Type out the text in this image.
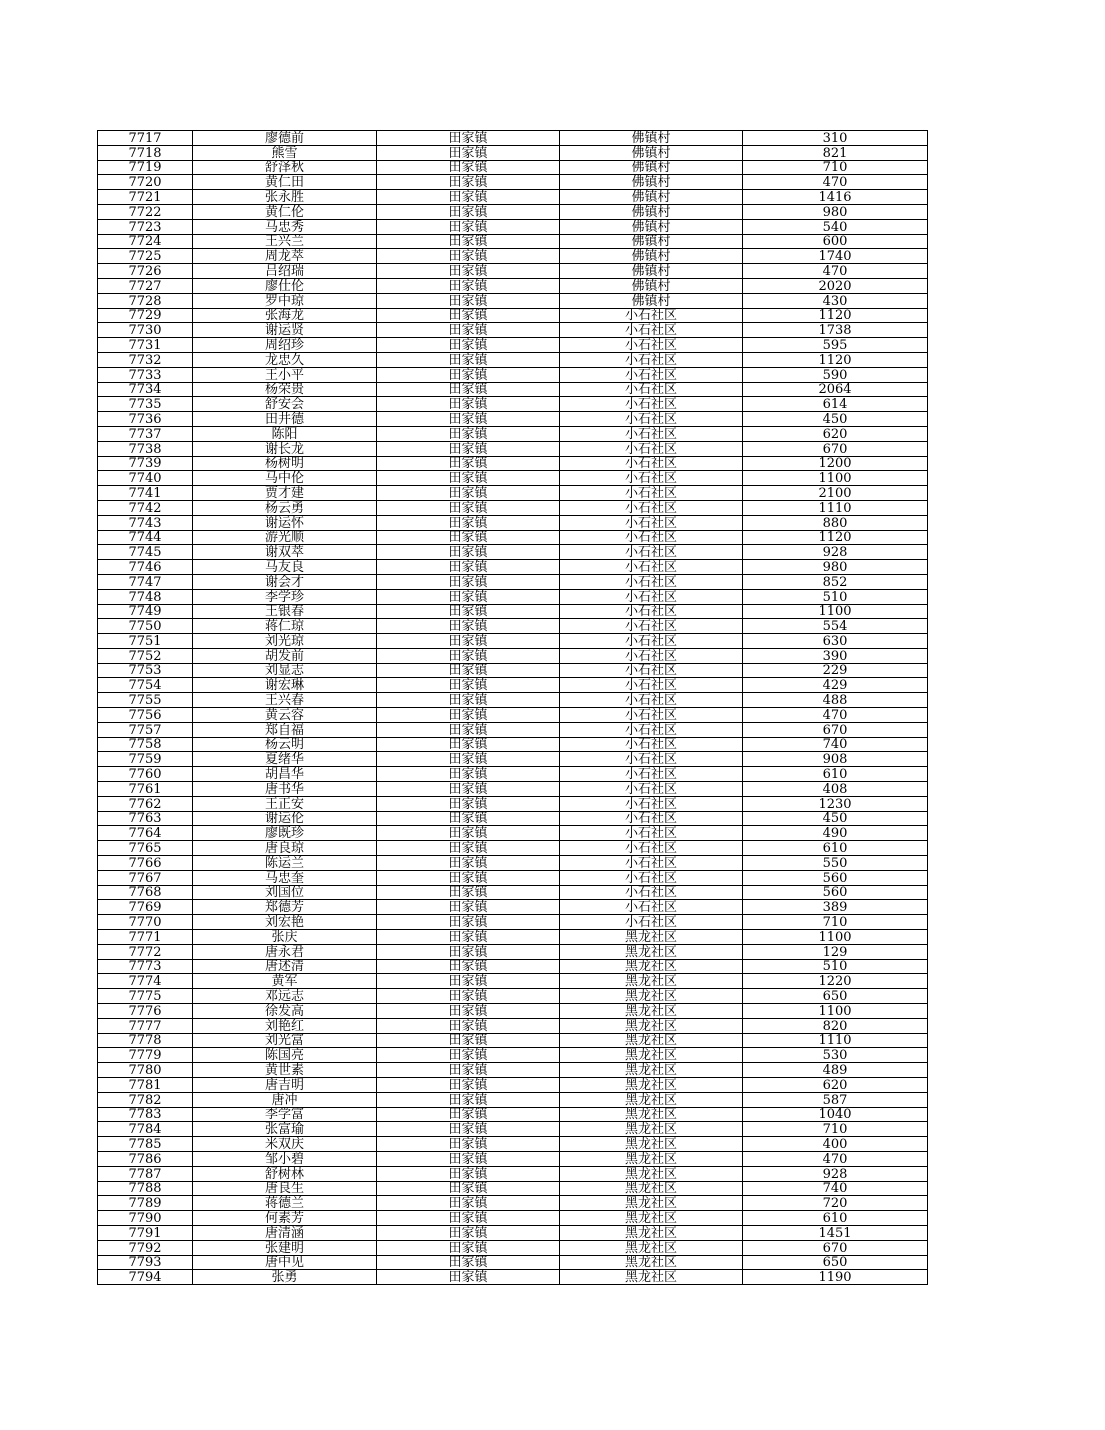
7717	廖德前	田家镇	佛镇村	310
7718	熊雪	田家镇	佛镇村	821
7719	舒泽秋	田家镇	佛镇村	710
7720	黄仁田	田家镇	佛镇村	470
7721	张永胜	田家镇	佛镇村	1416
7722	黄仁伦	田家镇	佛镇村	980
7723	马忠秀	田家镇	佛镇村	540
7724	王兴兰	田家镇	佛镇村	600
7725	周龙萃	田家镇	佛镇村	1740
7726	吕绍瑞	田家镇	佛镇村	470
7727	廖仕伦	田家镇	佛镇村	2020
7728	罗中琼	田家镇	佛镇村	430
7729	张海龙	田家镇	小石社区	1120
7730	谢运贤	田家镇	小石社区	1738
7731	周绍珍	田家镇	小石社区	595
7732	龙忠久	田家镇	小石社区	1120
7733	王小平	田家镇	小石社区	590
7734	杨荣贵	田家镇	小石社区	2064
7735	舒安会	田家镇	小石社区	614
7736	田井德	田家镇	小石社区	450
7737	陈阳	田家镇	小石社区	620
7738	谢长龙	田家镇	小石社区	670
7739	杨树明	田家镇	小石社区	1200
7740	马中伦	田家镇	小石社区	1100
7741	贾才建	田家镇	小石社区	2100
7742	杨云勇	田家镇	小石社区	1110
7743	谢运怀	田家镇	小石社区	880
7744	游光顺	田家镇	小石社区	1120
7745	谢双萃	田家镇	小石社区	928
7746	马友良	田家镇	小石社区	980
7747	谢会才	田家镇	小石社区	852
7748	李学珍	田家镇	小石社区	510
7749	王银春	田家镇	小石社区	1100
7750	蒋仁琼	田家镇	小石社区	554
7751	刘光琼	田家镇	小石社区	630
7752	胡发前	田家镇	小石社区	390
7753	刘显志	田家镇	小石社区	229
7754	谢宏琳	田家镇	小石社区	429
7755	王兴春	田家镇	小石社区	488
7756	黄云容	田家镇	小石社区	470
7757	郑自福	田家镇	小石社区	670
7758	杨云明	田家镇	小石社区	740
7759	夏绪华	田家镇	小石社区	908
7760	胡昌华	田家镇	小石社区	610
7761	唐书华	田家镇	小石社区	408
7762	王正安	田家镇	小石社区	1230
7763	谢运伦	田家镇	小石社区	450
7764	廖既珍	田家镇	小石社区	490
7765	唐良琼	田家镇	小石社区	610
7766	陈运兰	田家镇	小石社区	550
7767	马忠奎	田家镇	小石社区	560
7768	刘国位	田家镇	小石社区	560
7769	郑德芳	田家镇	小石社区	389
7770	刘宏艳	田家镇	小石社区	710
7771	张庆	田家镇	黑龙社区	1100
7772	唐永君	田家镇	黑龙社区	129
7773	唐述清	田家镇	黑龙社区	510
7774	黄军	田家镇	黑龙社区	1220
7775	邓远志	田家镇	黑龙社区	650
7776	徐发高	田家镇	黑龙社区	1100
7777	刘艳红	田家镇	黑龙社区	820
7778	刘光富	田家镇	黑龙社区	1110
7779	陈国亮	田家镇	黑龙社区	530
7780	黄世素	田家镇	黑龙社区	489
7781	唐吉明	田家镇	黑龙社区	620
7782	唐冲	田家镇	黑龙社区	587
7783	李学富	田家镇	黑龙社区	1040
7784	张富瑜	田家镇	黑龙社区	710
7785	米双庆	田家镇	黑龙社区	400
7786	邹小碧	田家镇	黑龙社区	470
7787	舒树林	田家镇	黑龙社区	928
7788	唐良生	田家镇	黑龙社区	740
7789	蒋德兰	田家镇	黑龙社区	720
7790	何素芳	田家镇	黑龙社区	610
7791	唐清涵	田家镇	黑龙社区	1451
7792	张建明	田家镇	黑龙社区	670
7793	唐中见	田家镇	黑龙社区	650
7794	张勇	田家镇	黑龙社区	1190
